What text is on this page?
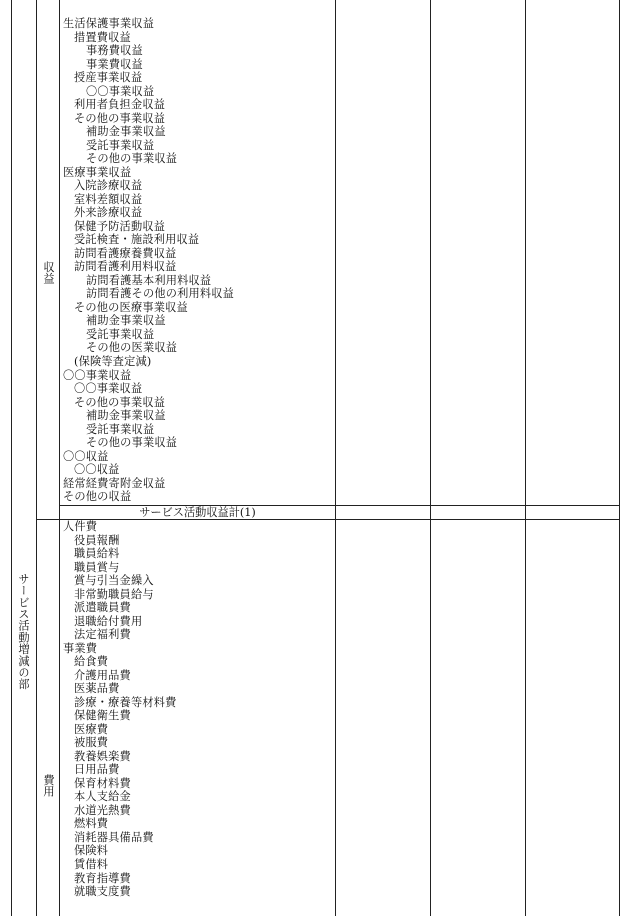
サービス活動増減の部
収益
費用
生活保護事業収益
措置費収益
事務費収益
事業費収益
授産事業収益
〇〇事業収益
利用者負担金収益
その他の事業収益
補助金事業収益
受託事業収益
その他の事業収益
医療事業収益
入院診療収益
室料差額収益
外来診療収益
保健予防活動収益
受託検査・施設利用収益
訪問看護療養費収益
訪問看護利用料収益
訪問看護基本利用料収益
訪問看護その他の利用料収益
その他の医療事業収益
補助金事業収益
受託事業収益
その他の医業収益
(保険等査定減)
〇〇事業収益
〇〇事業収益
その他の事業収益
補助金事業収益
受託事業収益
その他の事業収益
〇〇収益
〇〇収益
経常経費寄附金収益
その他の収益
サービス活動収益計(1)
人件費
役員報酬
職員給料
職員賞与
賞与引当金繰入
非常勤職員給与
派遣職員費
退職給付費用
法定福利費
事業費
給食費
介護用品費
医薬品費
診療・療養等材料費
保健衛生費
医療費
被服費
教養娯楽費
日用品費
保育材料費
本人支給金
水道光熱費
燃料費
消耗器具備品費
保険料
賃借料
教育指導費
就職支度費
